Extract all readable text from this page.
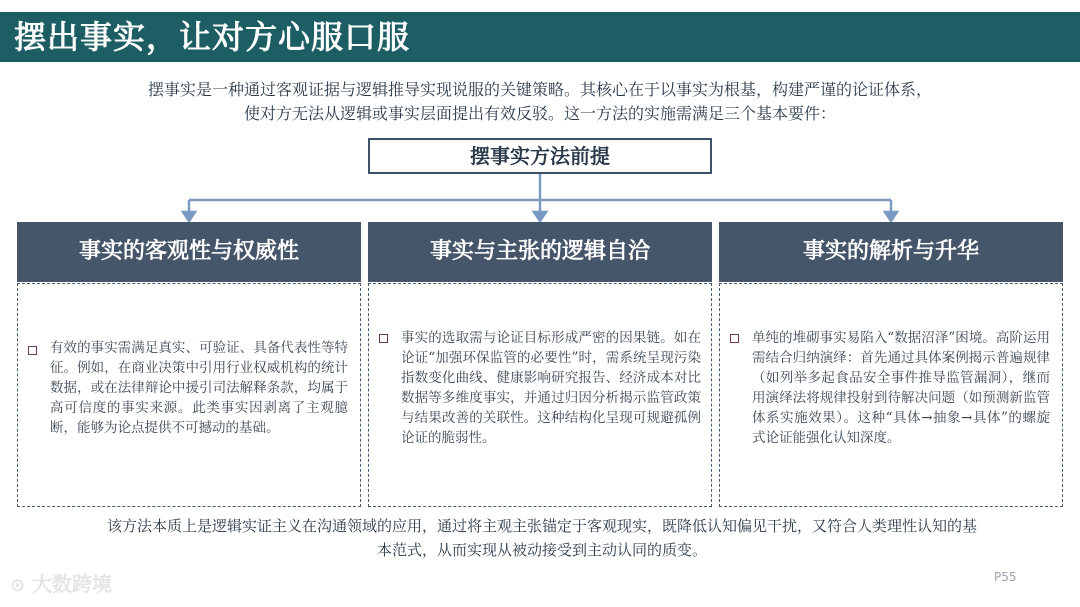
摆出事实，让对方心服口服
摆事实是一种通过客观证据与逻辑推导实现说服的关键策略。其核心在于以事实为根基，构建严谨的论证体系，
使对方无法从逻辑或事实层面提出有效反驳。这一方法的实施需满足三个基本要件：
摆事实方法前提
事实的客观性与权威性
有效的事实需满足真实、可验证、具备代表性等特征。例如，在商业决策中引用行业权威机构的统计数据，或在法律辩论中援引司法解释条款，均属于高可信度的事实来源。此类事实因剥离了主观臆断，能够为论点提供不可撼动的基础。
事实与主张的逻辑自洽
事实的选取需与论证目标形成严密的因果链。如在论证“加强环保监管的必要性”时，需系统呈现污染指数变化曲线、健康影响研究报告、经济成本对比数据等多维度事实，并通过归因分析揭示监管政策与结果改善的关联性。这种结构化呈现可规避孤例论证的脆弱性。
事实的解析与升华
单纯的堆砌事实易陷入“数据沼泽”困境。高阶运用需结合归纳演绎：首先通过具体案例揭示普遍规律（如列举多起食品安全事件推导监管漏洞），继而用演绎法将规律投射到待解决问题（如预测新监管体系实施效果）。这种“具体→抽象→具体”的螺旋式论证能强化认知深度。
该方法本质上是逻辑实证主义在沟通领域的应用，通过将主观主张锚定于客观现实，既降低认知偏见干扰，又符合人类理性认知的基
本范式，从而实现从被动接受到主动认同的质变。
⊙ 大数跨境	P55
